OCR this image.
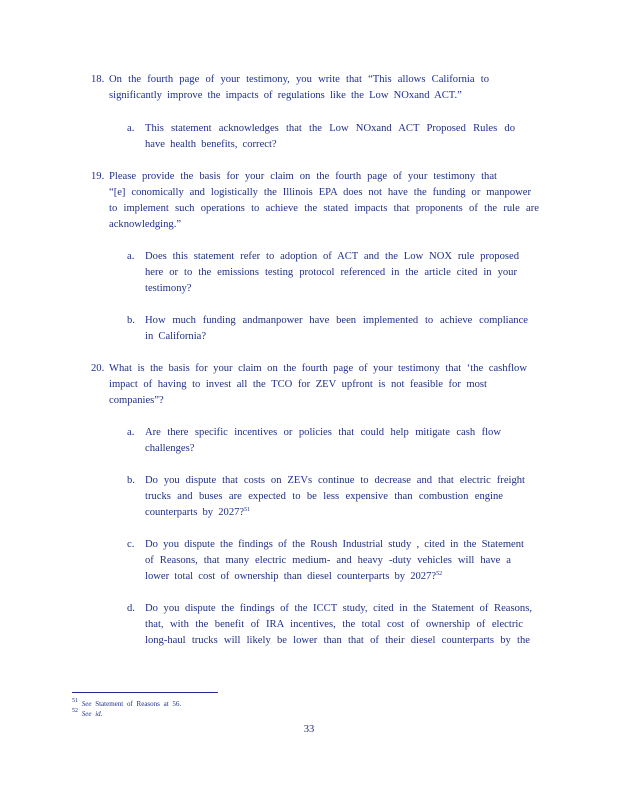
18. On the fourth page of your testimony, you write that “This allows California to
significantly improve the impacts of regulations like the Low NOxand ACT.”
a. This statement acknowledges that the Low NOxand ACT Proposed Rules do
have health benefits, correct?
19. Please provide the basis for your claim on the fourth page of your testimony that
“[e] conomically and logistically the Illinois EPA does not have the funding or manpower
to implement such operations to achieve the stated impacts that proponents of the rule are
acknowledging.”
a. Does this statement refer to adoption of ACT and the Low NOX rule proposed
here or to the emissions testing protocol referenced in the article cited in your
testimony?
b. How much funding andmanpower have been implemented to achieve compliance
in California?
20. What is the basis for your claim on the fourth page of your testimony that ‘the cashflow
impact of having to invest all the TCO for ZEV upfront is not feasible for most
companies”?
a. Are there specific incentives or policies that could help mitigate cash flow
challenges?
b. Do you dispute that costs on ZEVs continue to decrease and that electric freight
trucks and buses are expected to be less expensive than combustion engine
counterparts by 2027?$^{51}$
c. Do you dispute the findings of the Roush Industrial study , cited in the Statement
of Reasons, that many electric medium- and heavy -duty vehicles will have a
lower total cost of ownership than diesel counterparts by 2027?$^{52}$
d. Do you dispute the findings of the ICCT study, cited in the Statement of Reasons,
that, with the benefit of IRA incentives, the total cost of ownership of electric
long-haul trucks will likely be lower than that of their diesel counterparts by the
$^{51}$ See Statement of Reasons at 56.
$^{52}$ See id.
33
